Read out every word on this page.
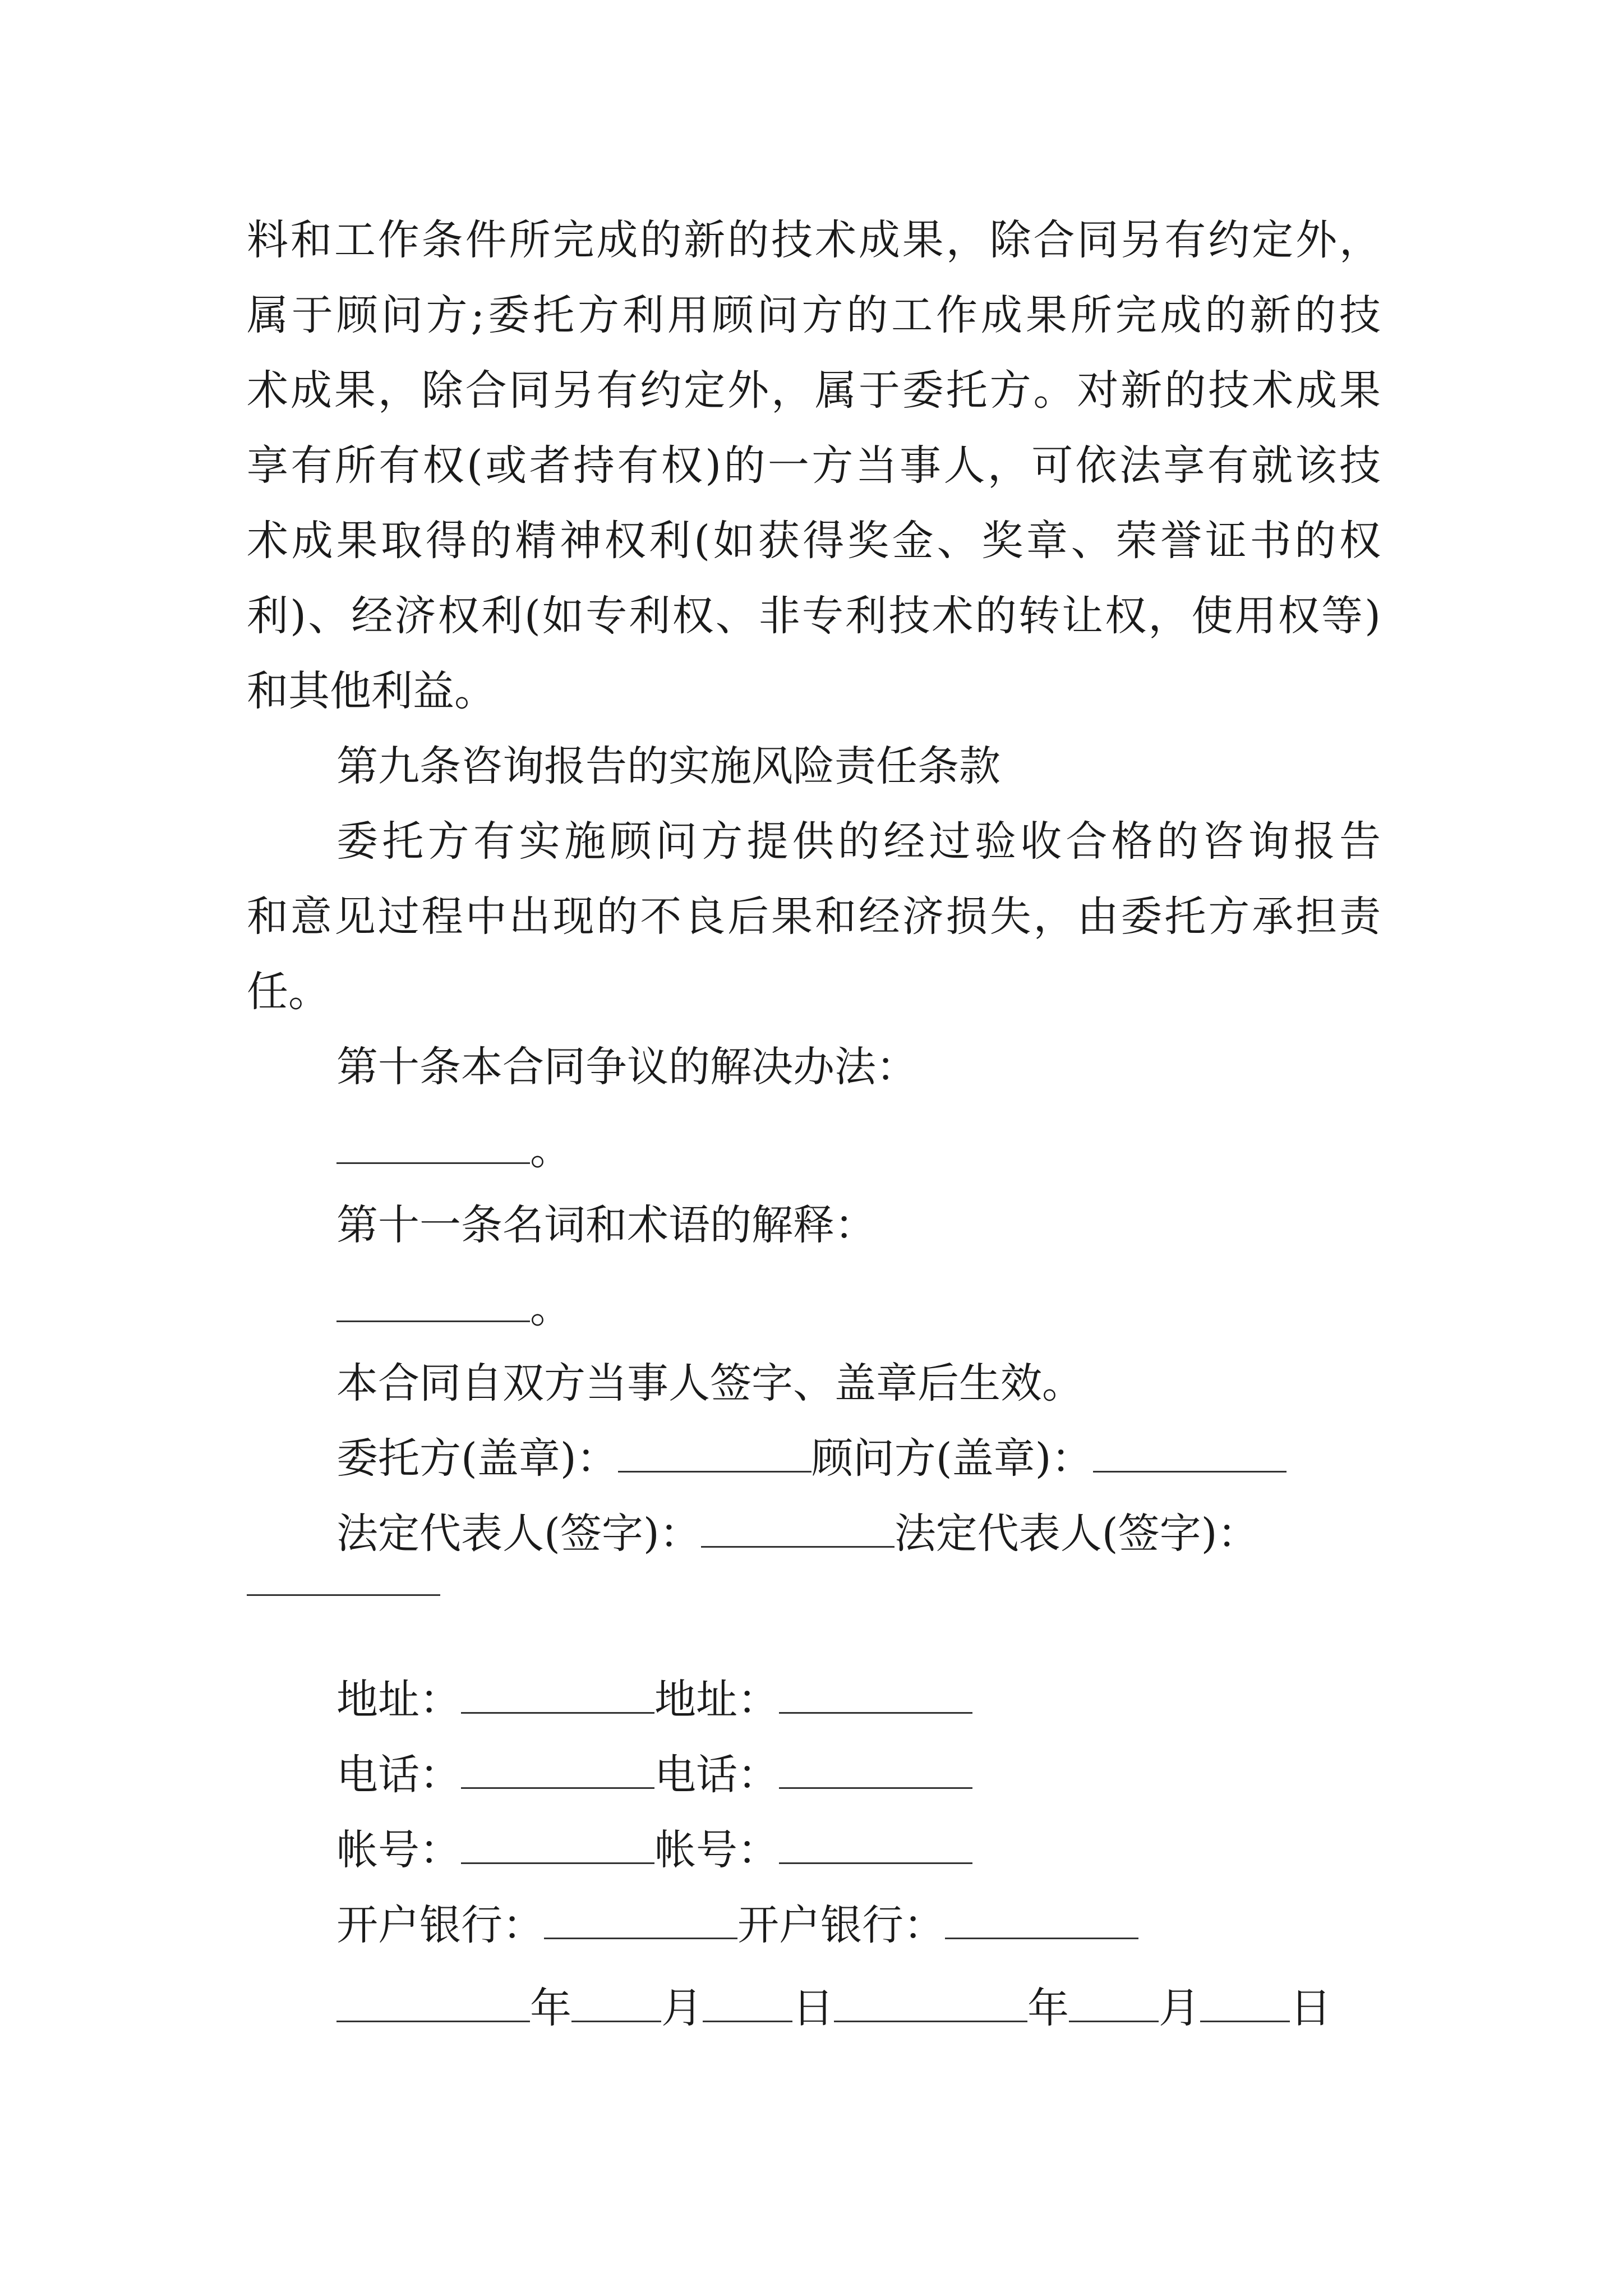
料和工作条件所完成的新的技术成果，除合同另有约定外，
属于顾问方;委托方利用顾问方的工作成果所完成的新的技
术成果，除合同另有约定外，属于委托方。对新的技术成果
享有所有权(或者持有权)的一方当事人，可依法享有就该技
术成果取得的精神权利(如获得奖金、奖章、荣誉证书的权
利)、经济权利(如专利权、非专利技术的转让权，使用权等)
和其他利益。
第九条咨询报告的实施风险责任条款
委托方有实施顾问方提供的经过验收合格的咨询报告
和意见过程中出现的不良后果和经济损失，由委托方承担责
任。
第十条本合同争议的解决办法：
。
第十一条名词和术语的解释：
。
本合同自双方当事人签字、盖章后生效。
委托方(盖章)：	顾问方(盖章)：
法定代表人(签字)：	法定代表人(签字)：
地址：	地址：
电话：	电话：
帐号：	帐号：
开户银行：	开户银行：
年 月 日	年 月 日
